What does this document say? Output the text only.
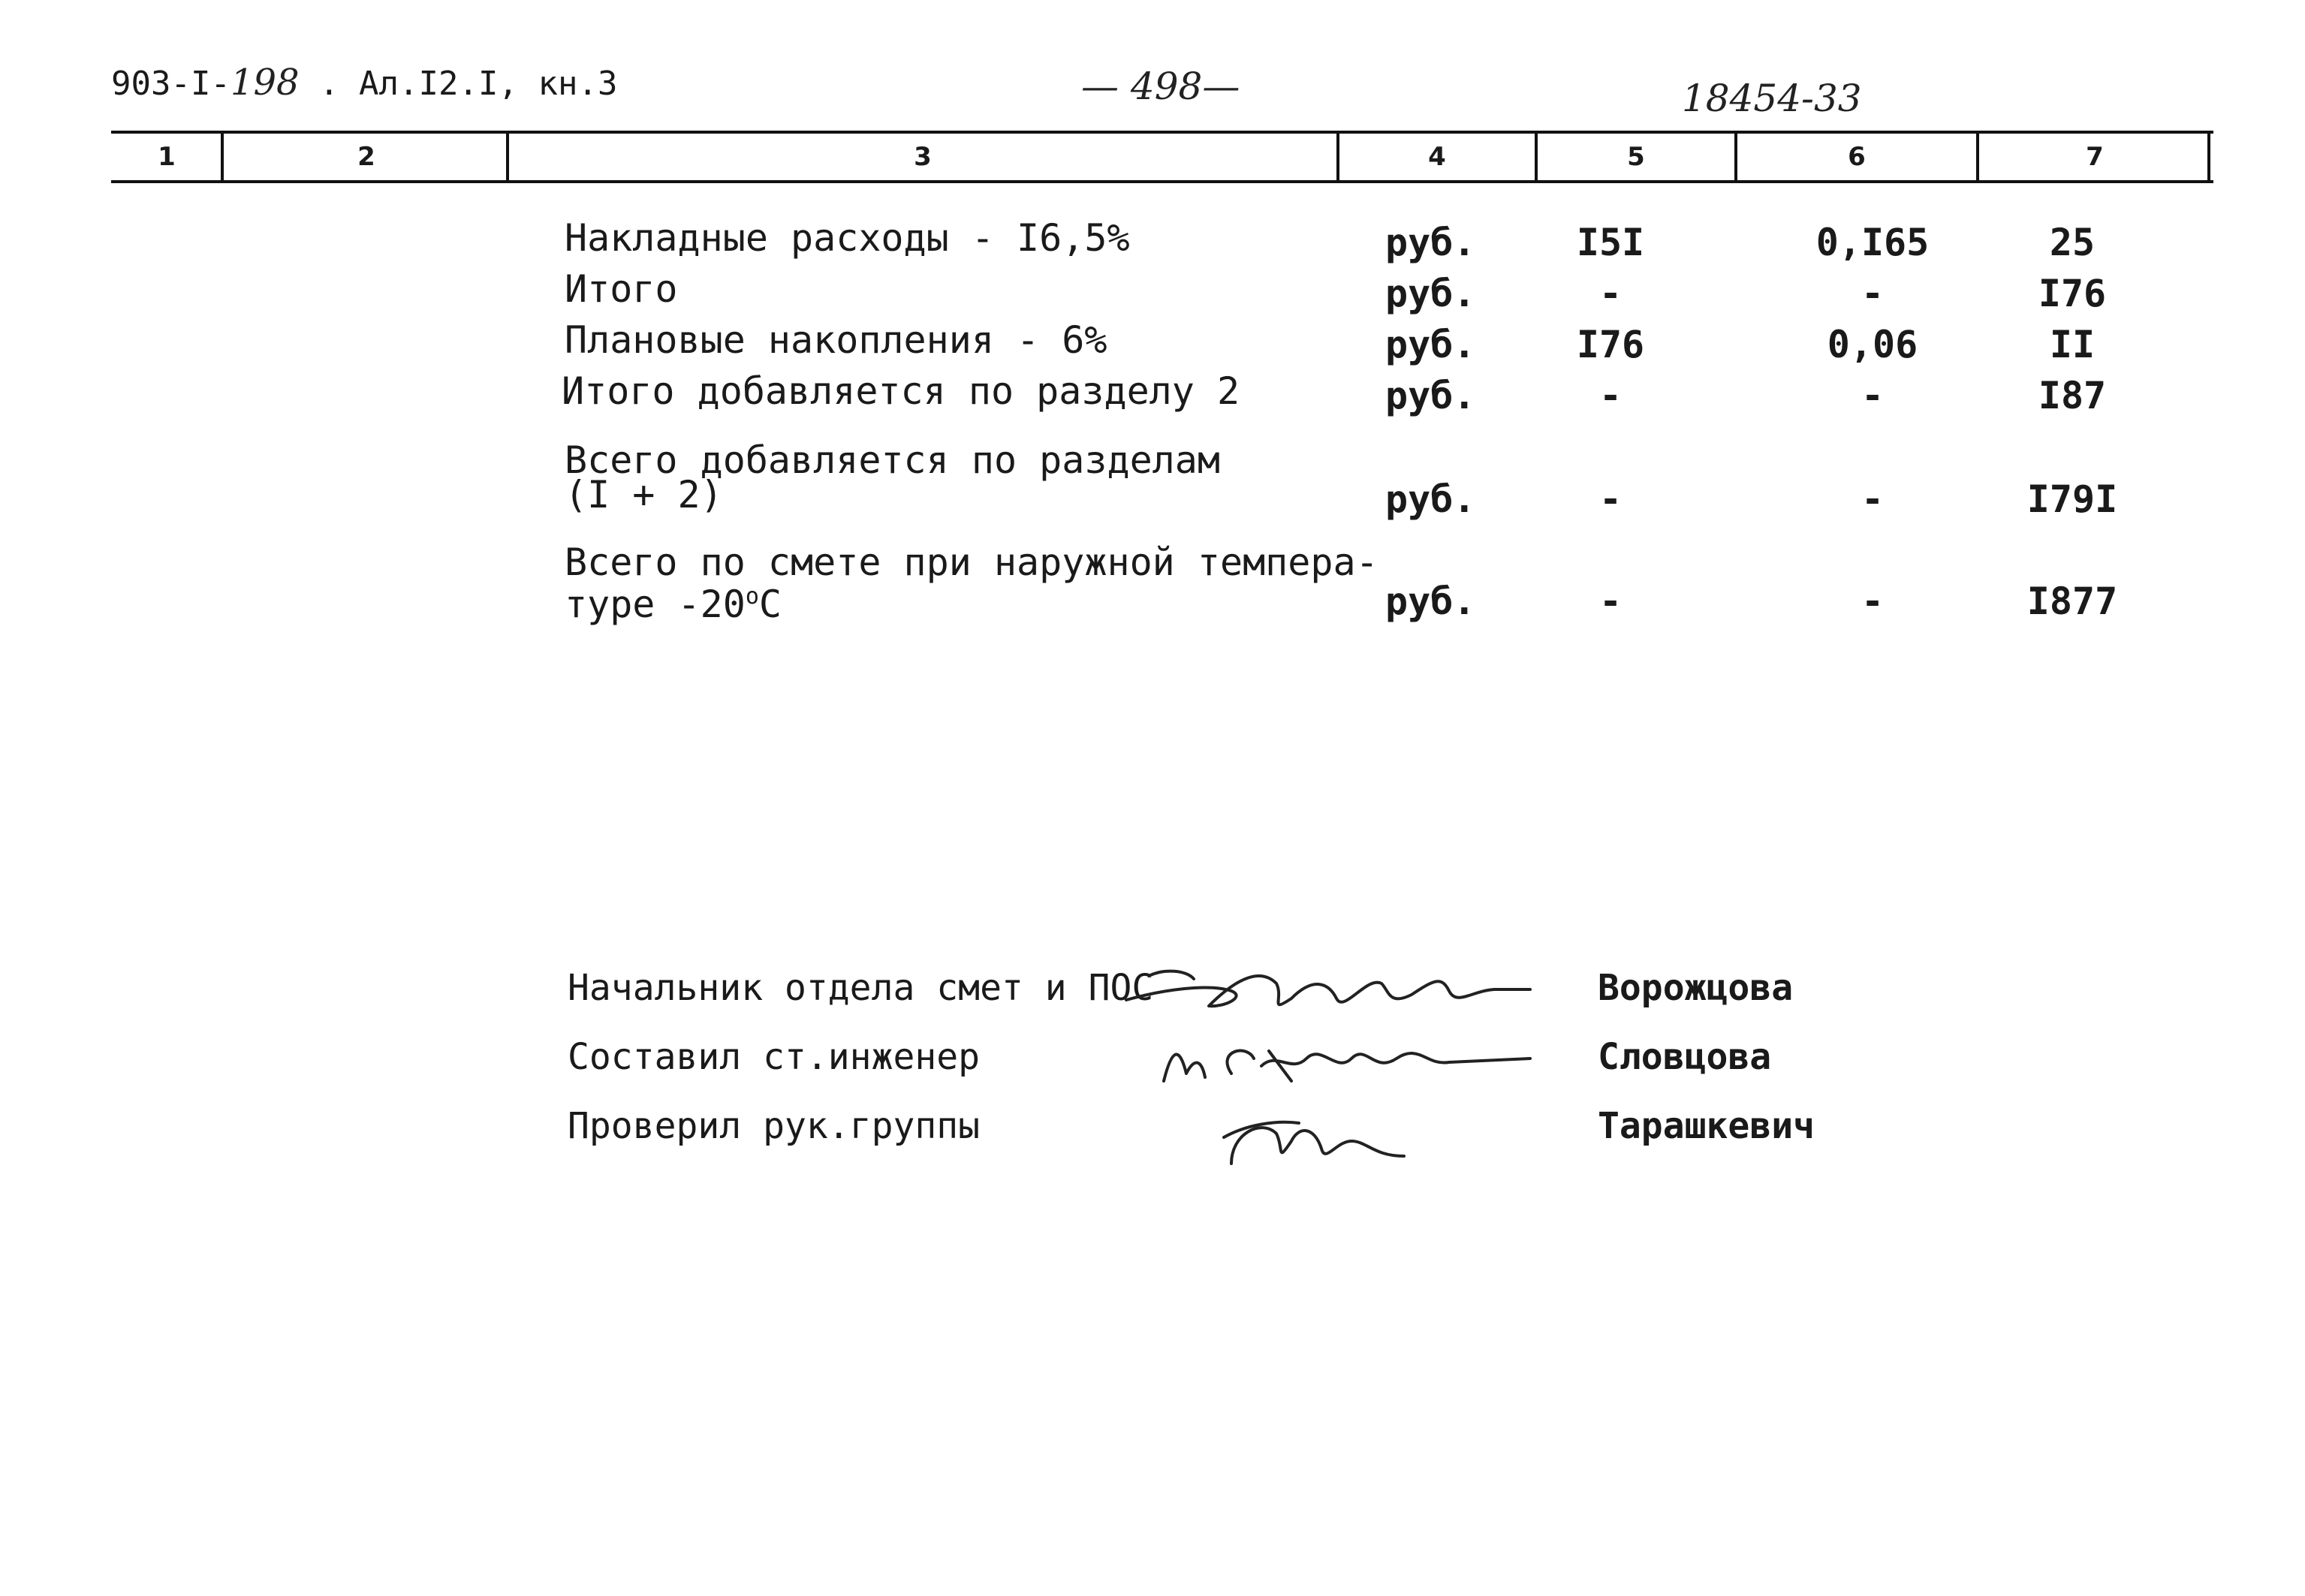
903-I-198 . Ал.I2.I, кн.3	— 498—	18454-33
1	2	3	4	5	6	7
Накладные расходы - I6,5%	руб.	I5I	0,I65	25
Итого	руб.	-	-	I76
Плановые накопления - 6%	руб.	I76	0,06	II
Итого добавляется по разделу 2	руб.	-	-	I87
Всего добавляется по разделам
(I + 2)	руб.	-	-	I79I
Всего по смете при наружной темпера-
туре -20$^o$С	руб.	-	-	I877
Начальник отдела смет и ПОС	Ворожцова
Составил ст.инженер	Словцова
Проверил рук.группы	Тарашкевич
